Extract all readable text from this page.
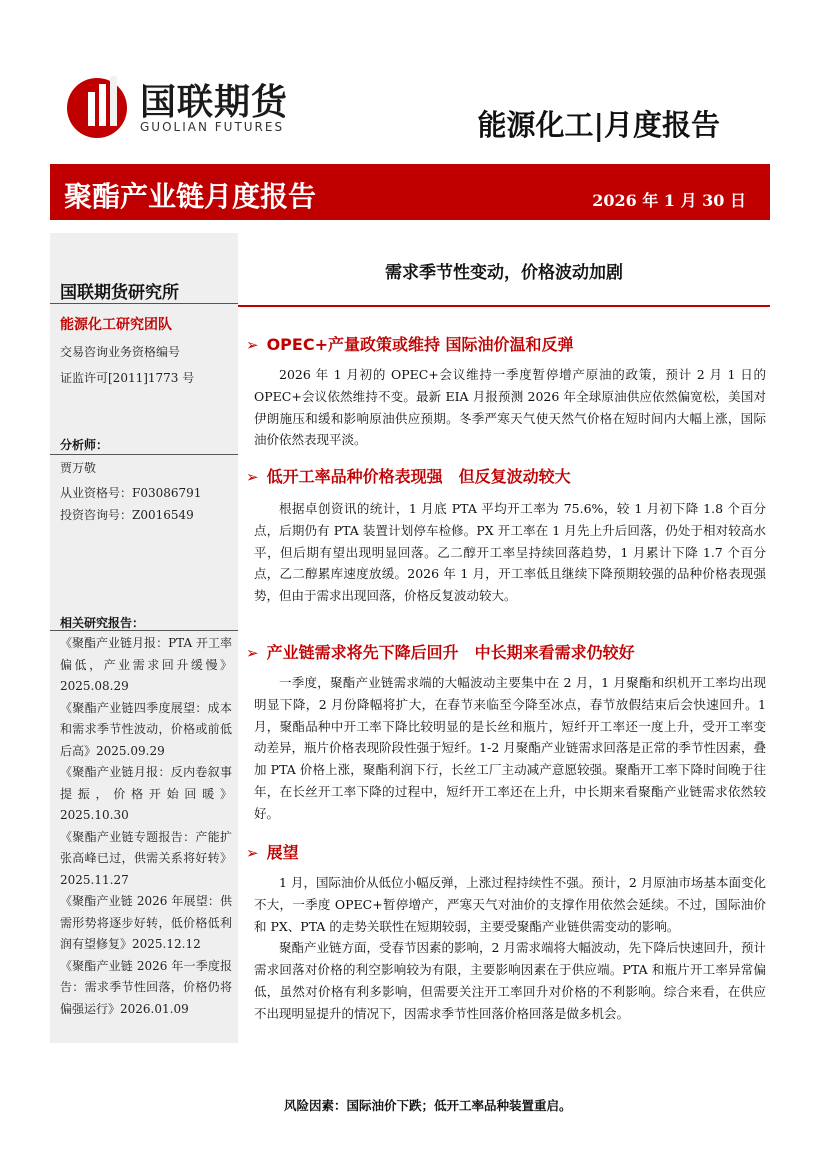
国联期货
GUOLIAN FUTURES	能源化工|月度报告
聚酯产业链月度报告	2026 年 1 月 30 日
国联期货研究所
能源化工研究团队
交易咨询业务资格编号
证监许可[2011]1773 号
分析师：
贾万敬
从业资格号：F03086791
投资咨询号：Z0016549
相关研究报告：

《聚酯产业链月报：PTA 开工率偏低，产业需求回升缓慢》2025.08.29

《聚酯产业链四季度展望：成本和需求季节性波动，价格或前低后高》2025.09.29

《聚酯产业链月报：反内卷叙事提振，价格开始回暖》2025.10.30

《聚酯产业链专题报告：产能扩张高峰已过，供需关系将好转》2025.11.27

《聚酯产业链 2026 年展望：供需形势将逐步好转，低价格低利润有望修复》2025.12.12

《聚酯产业链 2026 年一季度报告：需求季节性回落，价格仍将偏强运行》2026.01.09

需求季节性变动，价格波动加剧
➢ OPEC+产量政策或维持 国际油价温和反弹

2026 年 1 月初的 OPEC+会议维持一季度暂停增产原油的政策，预计 2 月 1 日的 OPEC+会议依然维持不变。最新 EIA 月报预测 2026 年全球原油供应依然偏宽松，美国对伊朗施压和缓和影响原油供应预期。冬季严寒天气使天然气价格在短时间内大幅上涨，国际油价依然表现平淡。

➢ 低开工率品种价格表现强　但反复波动较大

根据卓创资讯的统计，1 月底 PTA 平均开工率为 75.6%，较 1 月初下降 1.8 个百分点，后期仍有 PTA 装置计划停车检修。PX 开工率在 1 月先上升后回落，仍处于相对较高水平，但后期有望出现明显回落。乙二醇开工率呈持续回落趋势，1 月累计下降 1.7 个百分点，乙二醇累库速度放缓。2026 年 1 月，开工率低且继续下降预期较强的品种价格表现强势，但由于需求出现回落，价格反复波动较大。

➢ 产业链需求将先下降后回升　中长期来看需求仍较好

一季度，聚酯产业链需求端的大幅波动主要集中在 2 月，1 月聚酯和织机开工率均出现明显下降，2 月份降幅将扩大，在春节来临至今降至冰点，春节放假结束后会快速回升。1 月，聚酯品种中开工率下降比较明显的是长丝和瓶片，短纤开工率还一度上升，受开工率变动差异，瓶片价格表现阶段性强于短纤。1-2 月聚酯产业链需求回落是正常的季节性因素，叠加 PTA 价格上涨，聚酯利润下行，长丝工厂主动减产意愿较强。聚酯开工率下降时间晚于往年，在长丝开工率下降的过程中，短纤开工率还在上升，中长期来看聚酯产业链需求依然较好。

➢ 展望

1 月，国际油价从低位小幅反弹，上涨过程持续性不强。预计，2 月原油市场基本面变化不大，一季度 OPEC+暂停增产，严寒天气对油价的支撑作用依然会延续。不过，国际油价和 PX、PTA 的走势关联性在短期较弱，主要受聚酯产业链供需变动的影响。

聚酯产业链方面，受春节因素的影响，2 月需求端将大幅波动，先下降后快速回升，预计需求回落对价格的利空影响较为有限，主要影响因素在于供应端。PTA 和瓶片开工率异常偏低，虽然对价格有利多影响，但需要关注开工率回升对价格的不利影响。综合来看，在供应不出现明显提升的情况下，因需求季节性回落价格回落是做多机会。

风险因素：国际油价下跌；低开工率品种装置重启。
